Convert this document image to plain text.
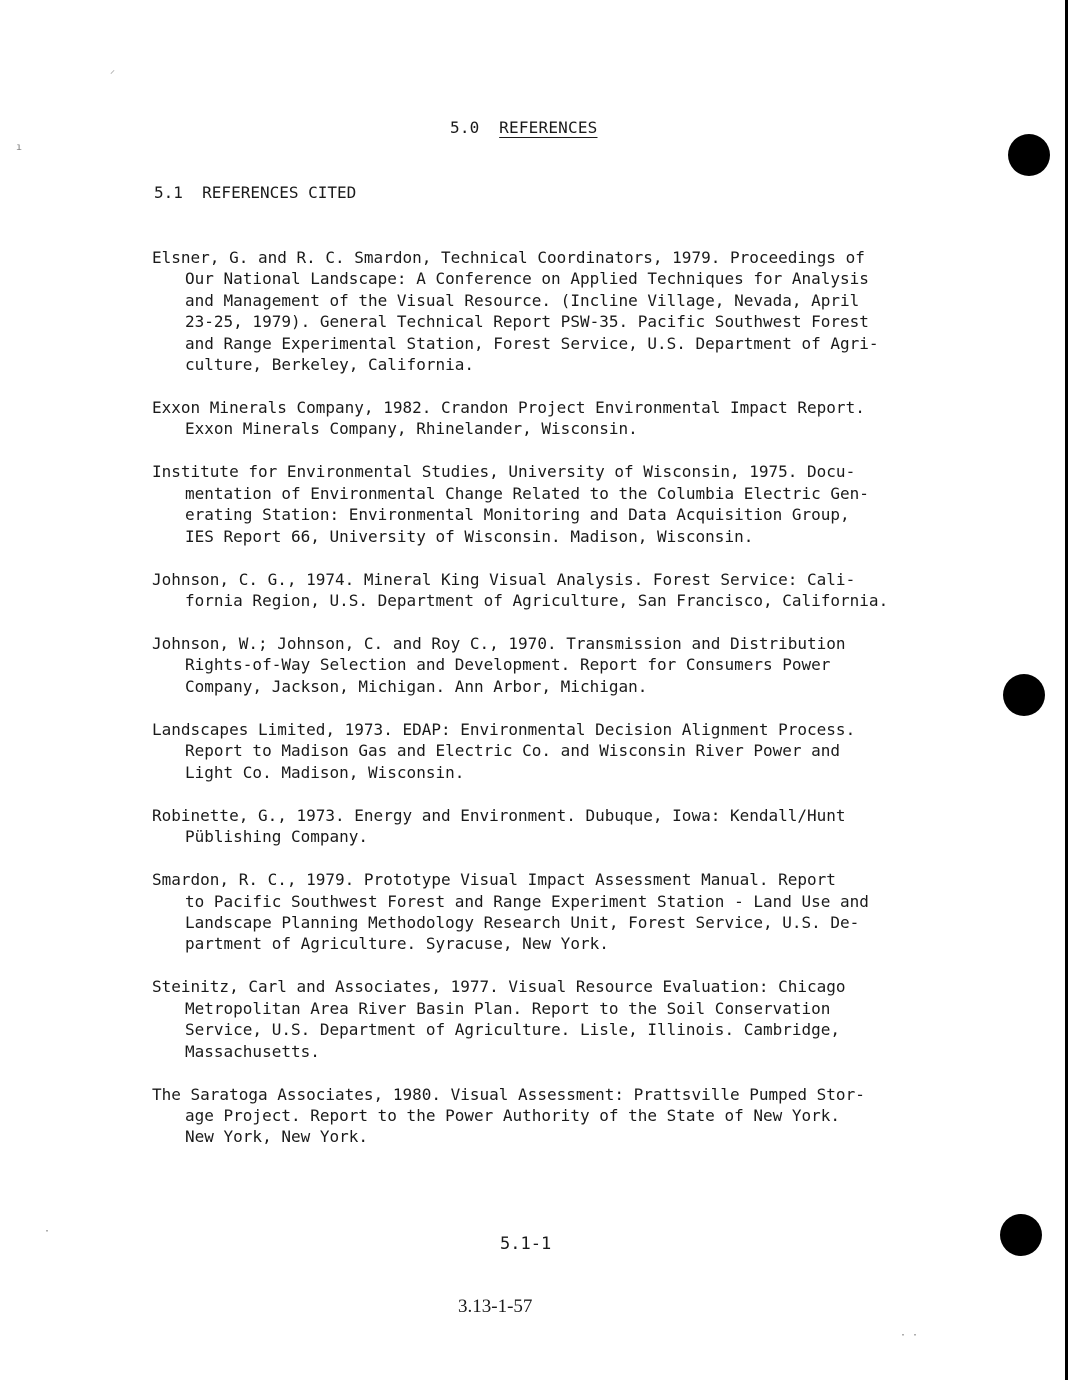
5.0 REFERENCES
5.1  REFERENCES CITED

Elsner, G. and R. C. Smardon, Technical Coordinators, 1979. Proceedings of
Our National Landscape: A Conference on Applied Techniques for Analysis
and Management of the Visual Resource. (Incline Village, Nevada, April
23-25, 1979). General Technical Report PSW-35. Pacific Southwest Forest
and Range Experimental Station, Forest Service, U.S. Department of Agri-
culture, Berkeley, California.

Exxon Minerals Company, 1982. Crandon Project Environmental Impact Report.
Exxon Minerals Company, Rhinelander, Wisconsin.

Institute for Environmental Studies, University of Wisconsin, 1975. Docu-
mentation of Environmental Change Related to the Columbia Electric Gen-
erating Station: Environmental Monitoring and Data Acquisition Group,
IES Report 66, University of Wisconsin. Madison, Wisconsin.

Johnson, C. G., 1974. Mineral King Visual Analysis. Forest Service: Cali-
fornia Region, U.S. Department of Agriculture, San Francisco, California.

Johnson, W.; Johnson, C. and Roy C., 1970. Transmission and Distribution
Rights-of-Way Selection and Development. Report for Consumers Power
Company, Jackson, Michigan. Ann Arbor, Michigan.

Landscapes Limited, 1973. EDAP: Environmental Decision Alignment Process.
Report to Madison Gas and Electric Co. and Wisconsin River Power and
Light Co. Madison, Wisconsin.

Robinette, G., 1973. Energy and Environment. Dubuque, Iowa: Kendall/Hunt
Püblishing Company.

Smardon, R. C., 1979. Prototype Visual Impact Assessment Manual. Report
to Pacific Southwest Forest and Range Experiment Station - Land Use and
Landscape Planning Methodology Research Unit, Forest Service, U.S. De-
partment of Agriculture. Syracuse, New York.

Steinitz, Carl and Associates, 1977. Visual Resource Evaluation: Chicago
Metropolitan Area River Basin Plan. Report to the Soil Conservation
Service, U.S. Department of Agriculture. Lisle, Illinois. Cambridge,
Massachusetts.

The Saratoga Associates, 1980. Visual Assessment: Prattsville Pumped Stor-
age Project. Report to the Power Authority of the State of New York.
New York, New York.

5.1-1
3.13-1-57
⸝
ı
·
· ·
